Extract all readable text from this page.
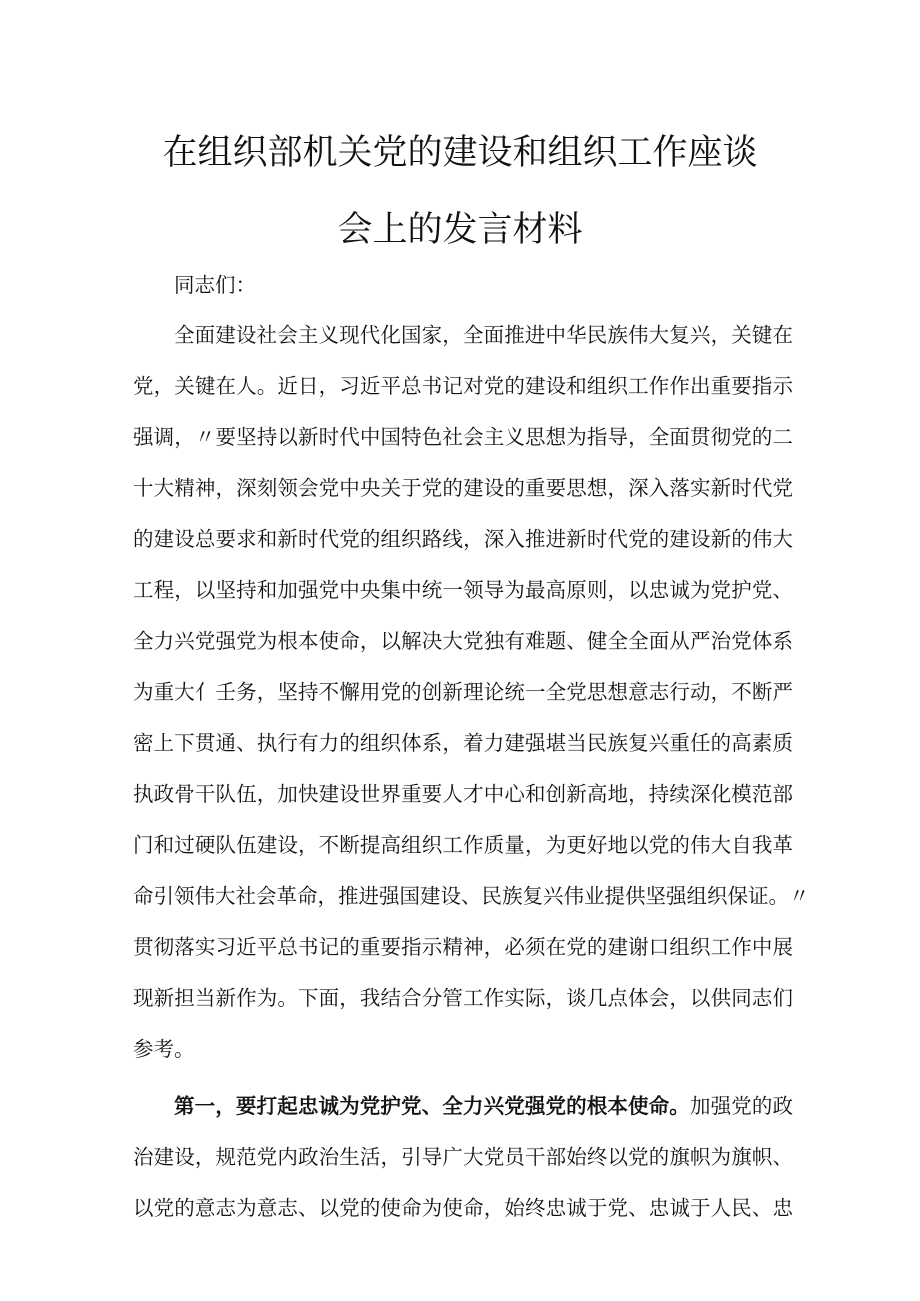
在组织部机关党的建设和组织工作座谈
会上的发言材料

同志们：

全面建设社会主义现代化国家，全面推进中华民族伟大复兴，关键在

党，关键在人。近日，习近平总书记对党的建设和组织工作作出重要指示

强调，〃要坚持以新时代中国特色社会主义思想为指导，全面贯彻党的二

十大精神，深刻领会党中央关于党的建设的重要思想，深入落实新时代党

的建设总要求和新时代党的组织路线，深入推进新时代党的建设新的伟大

工程，以坚持和加强党中央集中统一领导为最高原则，以忠诚为党护党、

全力兴党强党为根本使命，以解决大党独有难题、健全全面从严治党体系

为重大亻壬务，坚持不懈用党的创新理论统一全党思想意志行动，不断严

密上下贯通、执行有力的组织体系，着力建强堪当民族复兴重任的高素质

执政骨干队伍，加快建设世界重要人才中心和创新高地，持续深化模范部

门和过硬队伍建设，不断提高组织工作质量，为更好地以党的伟大自我革

命引领伟大社会革命，推进强国建设、民族复兴伟业提供坚强组织保证。〃

贯彻落实习近平总书记的重要指示精神，必须在党的建谢口组织工作中展

现新担当新作为。下面，我结合分管工作实际，谈几点体会，以供同志们

参考。

第一，要打起忠诚为党护党、全力兴党强党的根本使命。加强党的政

治建设，规范党内政治生活，引导广大党员干部始终以党的旗帜为旗帜、

以党的意志为意志、以党的使命为使命，始终忠诚于党、忠诚于人民、忠
